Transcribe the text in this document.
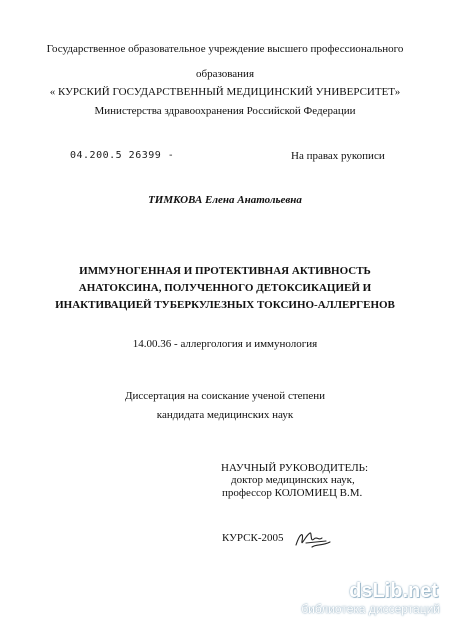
Государственное образовательное учреждение высшего профессионального
образования
« КУРСКИЙ ГОСУДАРСТВЕННЫЙ МЕДИЦИНСКИЙ УНИВЕРСИТЕТ»
Министерства здравоохранения Российской Федерации
04.200.5 26399 -	На правах рукописи
ТИМКОВА Елена Анатольевна
ИММУНОГЕННАЯ И ПРОТЕКТИВНАЯ АКТИВНОСТЬ
АНАТОКСИНА, ПОЛУЧЕННОГО ДЕТОКСИКАЦИЕЙ И
ИНАКТИВАЦИЕЙ ТУБЕРКУЛЕЗНЫХ ТОКСИНО-АЛЛЕРГЕНОВ
14.00.36 - аллергология и иммунология
Диссертация на соискание ученой степени
кандидата медицинских наук
НАУЧНЫЙ РУКОВОДИТЕЛЬ:
доктор медицинских наук,
профессор КОЛОМИЕЦ В.М.
КУРСК-2005
dsLib.net
библиотека диссертаций
